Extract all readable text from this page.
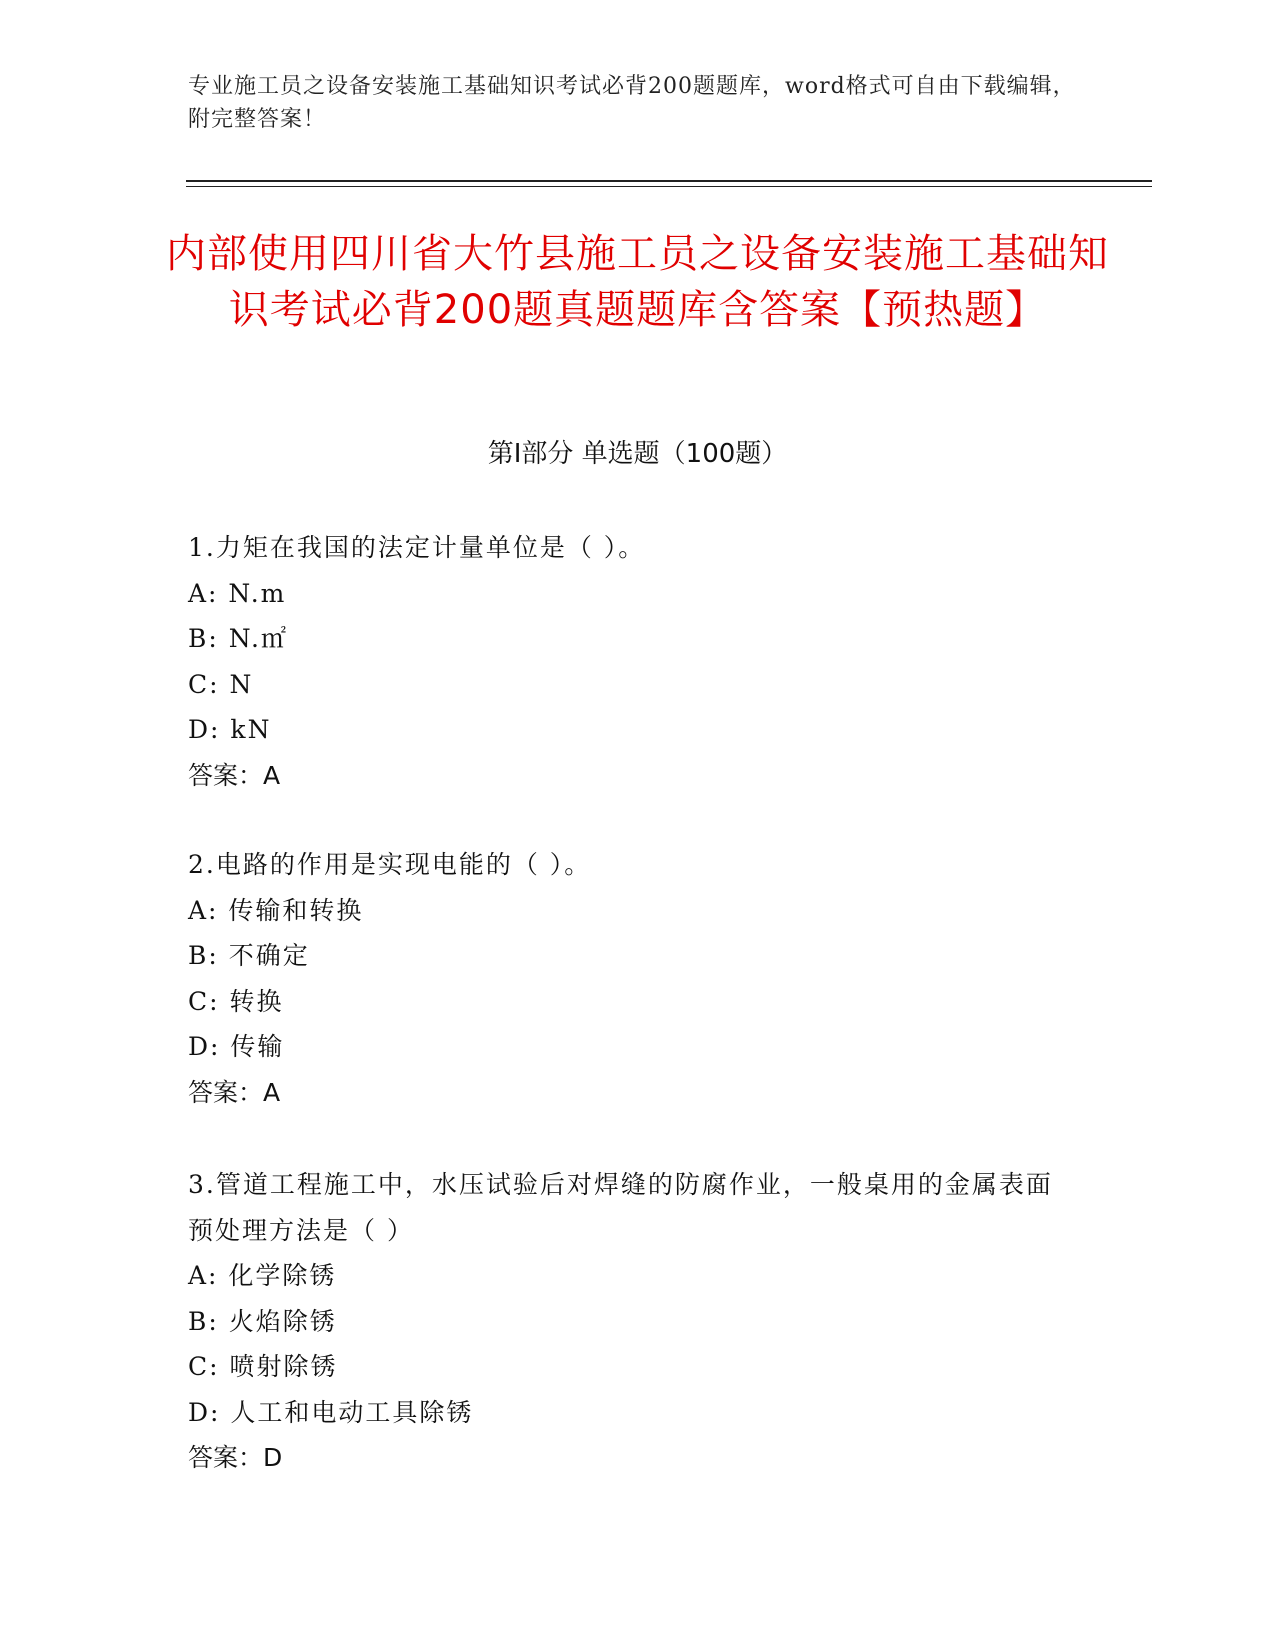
专业施工员之设备安装施工基础知识考试必背200题题库，word格式可自由下载编辑，附完整答案！
内部使用四川省大竹县施工员之设备安装施工基础知识考试必背200题真题题库含答案【预热题】
第Ⅰ部分 单选题（100题）
1.力矩在我国的法定计量单位是（ ）。
A: N.m
B: N.㎡
C: N
D: kN
答案：A
2.电路的作用是实现电能的（ ）。
A: 传输和转换
B: 不确定
C: 转换
D: 传输
答案：A
3.管道工程施工中，水压试验后对焊缝的防腐作业，一般桌用的金属表面预处理方法是（ ）
A: 化学除锈
B: 火焰除锈
C: 喷射除锈
D: 人工和电动工具除锈
答案：D
